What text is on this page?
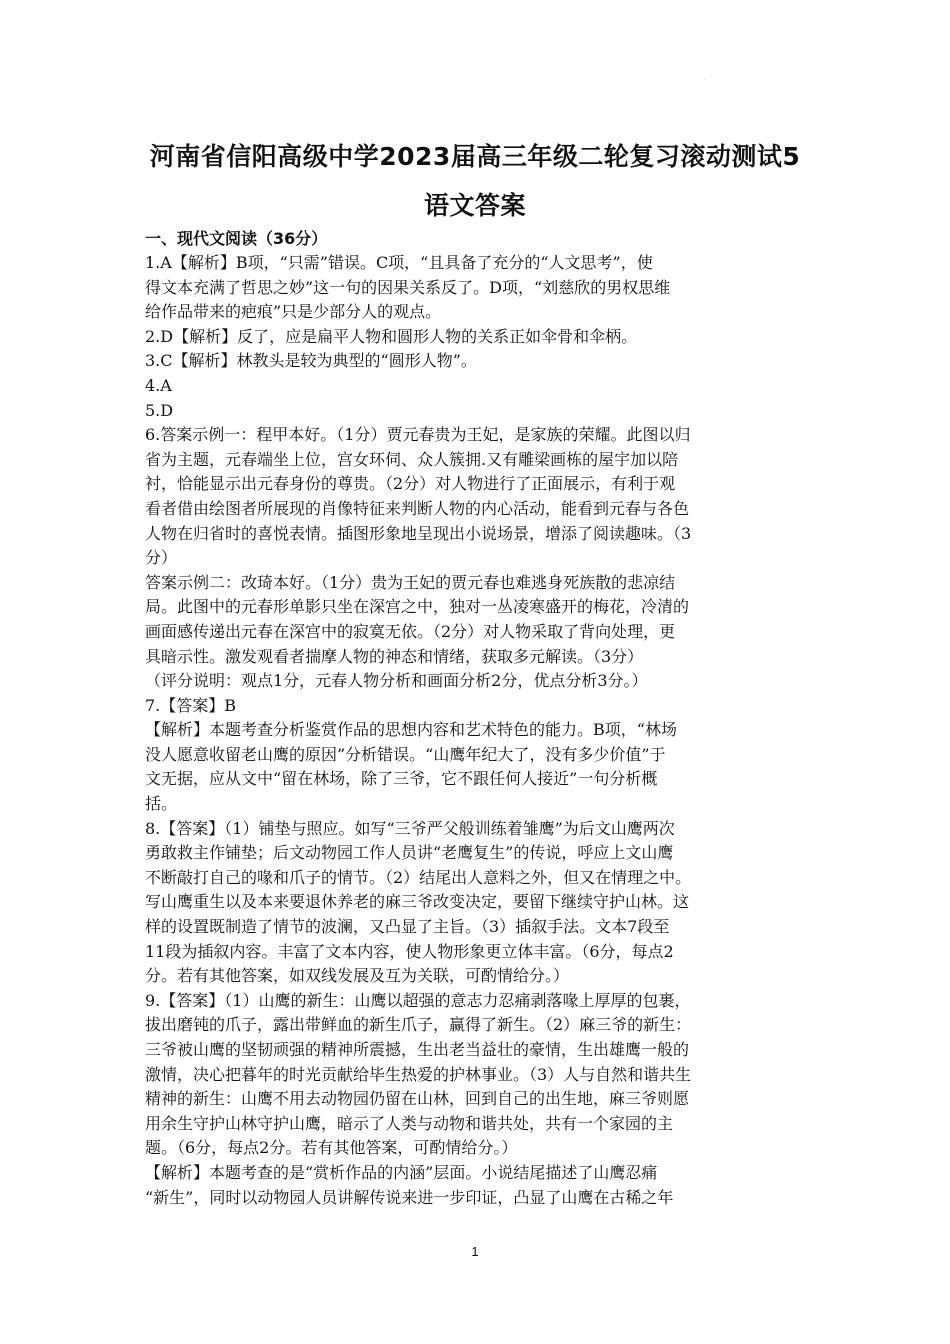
.
河南省信阳高级中学2023届高三年级二轮复习滚动测试5
语文答案
一、现代文阅读（36分）
1.A【解析】B项，“只需”错误。C项，“且具备了充分的“人文思考”，使
得文本充满了哲思之妙”这一句的因果关系反了。D项，“刘慈欣的男权思维
给作品带来的疤痕”只是少部分人的观点。
2.D【解析】反了，应是扁平人物和圆形人物的关系正如伞骨和伞柄。
3.C【解析】林教头是较为典型的“圆形人物”。
4.A
5.D
6.答案示例一：程甲本好。（1分）贾元春贵为王妃，是家族的荣耀。此图以归
省为主题，元春端坐上位，宫女环伺、众人簇拥.又有雕梁画栋的屋宇加以陪
衬，恰能显示出元春身份的尊贵。（2分）对人物进行了正面展示，有利于观
看者借由绘图者所展现的肖像特征来判断人物的内心活动，能看到元春与各色
人物在归省时的喜悦表情。插图形象地呈现出小说场景，增添了阅读趣味。（3
分）
答案示例二：改琦本好。（1分）贵为王妃的贾元春也难逃身死族散的悲凉结
局。此图中的元春形单影只坐在深宫之中，独对一丛凌寒盛开的梅花，冷清的
画面感传递出元春在深宫中的寂寞无依。（2分）对人物采取了背向处理，更
具暗示性。激发观看者揣摩人物的神态和情绪，获取多元解读。（3分）
（评分说明：观点1分，元春人物分析和画面分析2分，优点分析3分。）
7.【答案】B
【解析】本题考查分析鉴赏作品的思想内容和艺术特色的能力。B项，“林场
没人愿意收留老山鹰的原因”分析错误。“山鹰年纪大了，没有多少价值”于
文无据，应从文中“留在林场，除了三爷，它不跟任何人接近”一句分析概
括。
8.【答案】（1）铺垫与照应。如写“三爷严父般训练着雏鹰”为后文山鹰两次
勇敢救主作铺垫；后文动物园工作人员讲“老鹰复生”的传说，呼应上文山鹰
不断敲打自己的喙和爪子的情节。（2）结尾出人意料之外，但又在情理之中。
写山鹰重生以及本来要退休养老的麻三爷改变决定，要留下继续守护山林。这
样的设置既制造了情节的波澜，又凸显了主旨。（3）插叙手法。文本7段至
11段为插叙内容。丰富了文本内容，使人物形象更立体丰富。（6分，每点2
分。若有其他答案，如双线发展及互为关联，可酌情给分。）
9.【答案】（1）山鹰的新生：山鹰以超强的意志力忍痛剥落喙上厚厚的包裹，
拔出磨钝的爪子，露出带鲜血的新生爪子，赢得了新生。（2）麻三爷的新生：
三爷被山鹰的坚韧顽强的精神所震撼，生出老当益壮的豪情，生出雄鹰一般的
激情，决心把暮年的时光贡献给毕生热爱的护林事业。（3）人与自然和谐共生
精神的新生：山鹰不用去动物园仍留在山林，回到自己的出生地，麻三爷则愿
用余生守护山林守护山鹰，暗示了人类与动物和谐共处，共有一个家园的主
题。（6分，每点2分。若有其他答案，可酌情给分。）
【解析】本题考查的是“赏析作品的内涵”层面。小说结尾描述了山鹰忍痛
“新生”，同时以动物园人员讲解传说来进一步印证，凸显了山鹰在古稀之年
1
